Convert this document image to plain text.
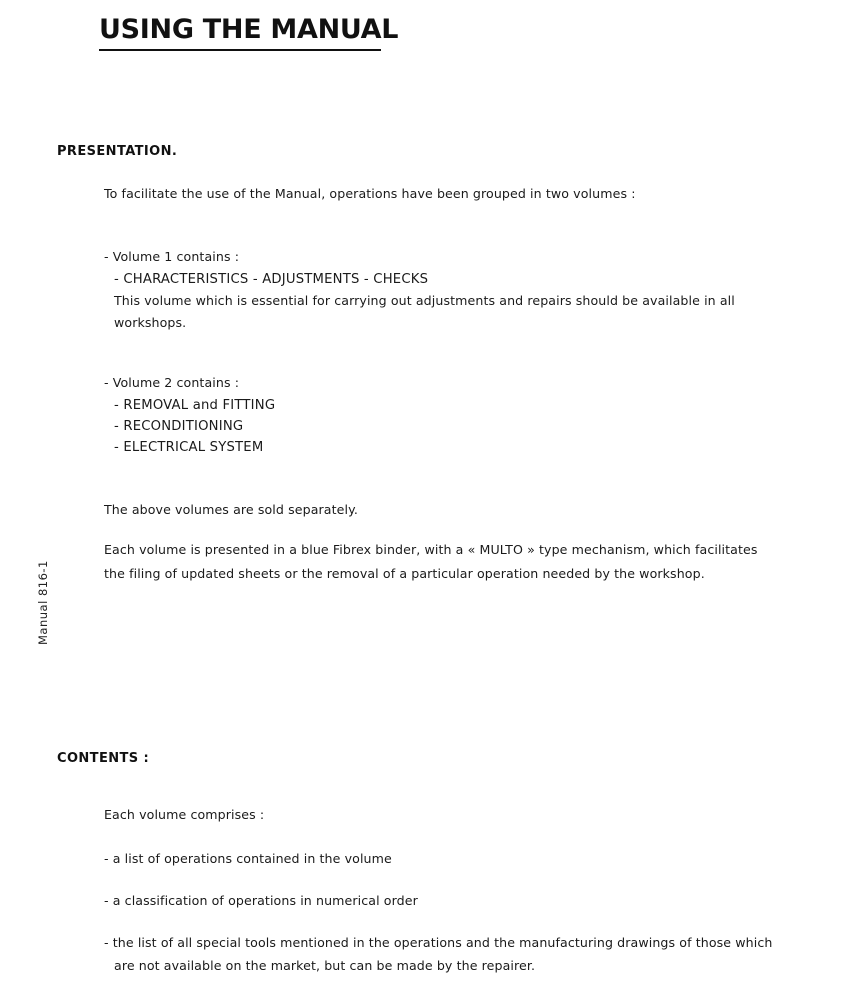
USING THE MANUAL
Manual 816-1
PRESENTATION.

To facilitate the use of the Manual, operations have been grouped in two volumes :

- Volume 1 contains :

- CHARACTERISTICS - ADJUSTMENTS - CHECKS

This volume which is essential for carrying out adjustments and repairs should be available in all

workshops.

- Volume 2 contains :

- REMOVAL and FITTING

- RECONDITIONING

- ELECTRICAL SYSTEM

The above volumes are sold separately.

Each volume is presented in a blue Fibrex binder, with a « MULTO » type mechanism, which facilitates

the filing of updated sheets or the removal of a particular operation needed by the workshop.

CONTENTS :

Each volume comprises :

- a list of operations contained in the volume

- a classification of operations in numerical order

- the list of all special tools mentioned in the operations and the manufacturing drawings of those which

are not available on the market, but can be made by the repairer.
